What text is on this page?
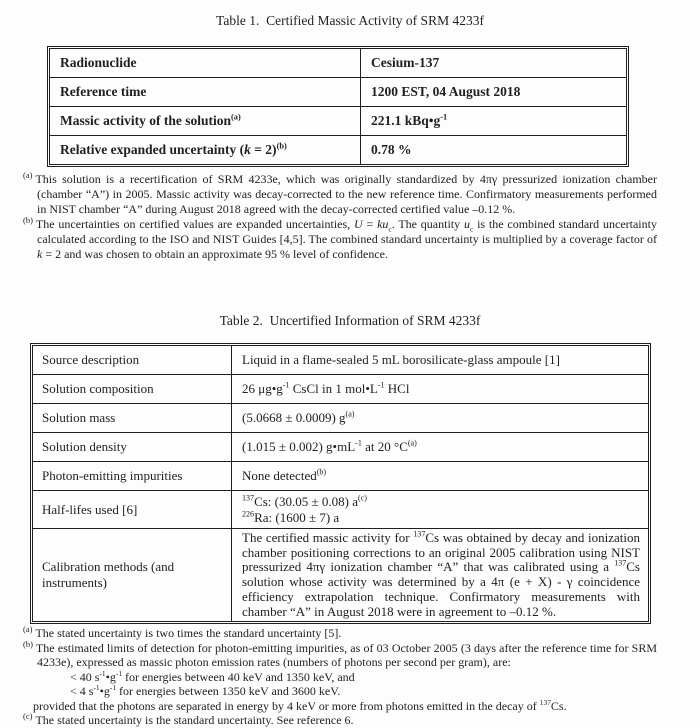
Table 1.  Certified Massic Activity of SRM 4233f
Radionuclide	Cesium-137
Reference time	1200 EST, 04 August 2018
Massic activity of the solution$^{(a)}$	221.1 $kBq•g^{-1}$
Relative expanded uncertainty (k = 2)$^{(b)}$	0.78 %
$^{(a)}$ This solution is a recertification of SRM 4233e, which was originally standardized by 4πγ pressurized ionization chamber (chamber “A”) in 2005. Massic activity was decay-corrected to the new reference time. Confirmatory measurements performed in NIST chamber “A” during August 2018 agreed with the decay-corrected certified value –0.12 %.
$^{(b)}$ The uncertainties on certified values are expanded uncertainties, $U = ku_c$. The quantity $u_c$ is the combined standard uncertainty calculated according to the ISO and NIST Guides [4,5]. The combined standard uncertainty is multiplied by a coverage factor of k = 2 and was chosen to obtain an approximate 95 % level of confidence.
Table 2.  Uncertified Information of SRM 4233f
Source description	Liquid in a flame-sealed 5 mL borosilicate-glass ampoule [1]

Solution composition	26 $\mu g•g^{-1}$ CsCl in 1 $mol•L^{-1}$ HCl

Solution mass	(5.0668 ± 0.0009) $g^{(a)}$

Solution density	(1.015 ± 0.002) $g•mL^{-1}$ at 20 $^\circ C^{(a)}$

Photon-emitting impurities	None detected$^{(b)}$

Half-lifes used [6]	$^{137}$Cs: (30.05 ± 0.08) $a^{(c)}$
$^{226}$Ra: (1600 ± 7) a

Calibration methods (and instruments)	The certified massic activity for $^{137}$Cs was obtained by decay and ionization chamber positioning corrections to an original 2005 calibration using NIST pressurized 4πγ ionization chamber “A” that was calibrated using a $^{137}$Cs solution whose activity was determined by a 4π (e + X) - γ coincidence efficiency extrapolation technique. Confirmatory measurements with chamber “A” in August 2018 were in agreement to –0.12 %.
$^{(a)}$ The stated uncertainty is two times the standard uncertainty [5].
$^{(b)}$ The estimated limits of detection for photon-emitting impurities, as of 03 October 2005 (3 days after the reference time for SRM 4233e), expressed as massic photon emission rates (numbers of photons per second per gram), are:
< 40 $s^{-1}•g^{-1}$ for energies between 40 keV and 1350 keV, and
< 4 $s^{-1}•g^{-1}$ for energies between 1350 keV and 3600 keV.
provided that the photons are separated in energy by 4 keV or more from photons emitted in the decay of $^{137}$Cs.
$^{(c)}$ The stated uncertainty is the standard uncertainty. See reference 6.
